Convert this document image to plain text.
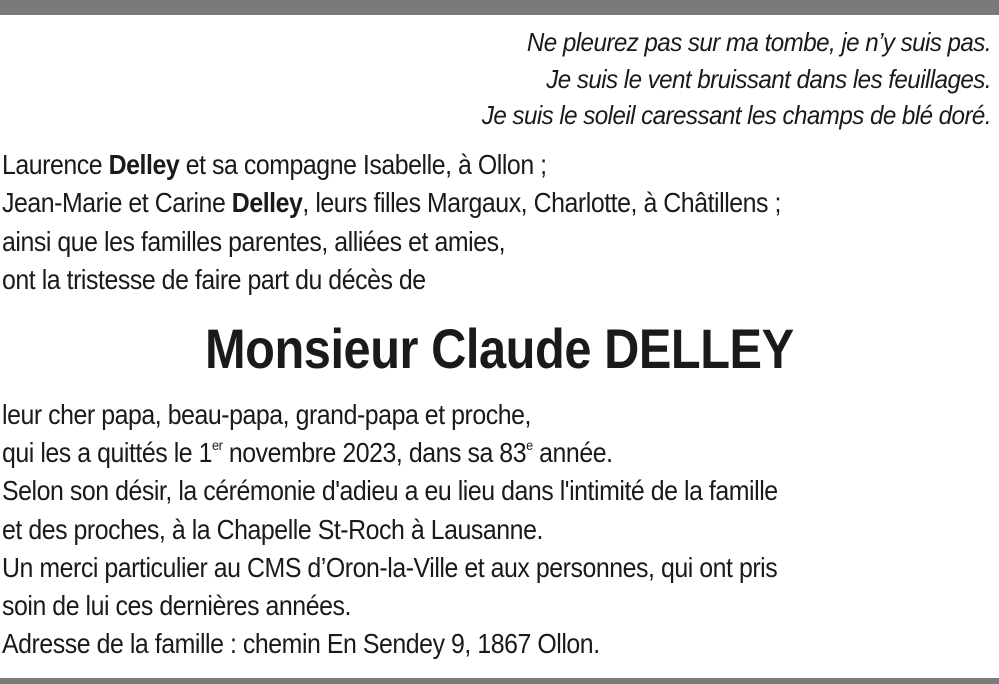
Ne pleurez pas sur ma tombe, je n’y suis pas.
Je suis le vent bruissant dans les feuillages.
Je suis le soleil caressant les champs de blé doré.
Laurence Delley et sa compagne Isabelle, à Ollon ;
Jean-Marie et Carine Delley, leurs filles Margaux, Charlotte, à Châtillens ;
ainsi que les familles parentes, alliées et amies,
ont la tristesse de faire part du décès de
Monsieur Claude DELLEY
leur cher papa, beau-papa, grand-papa et proche,
qui les a quittés le 1er novembre 2023, dans sa 83e année.
Selon son désir, la cérémonie d'adieu a eu lieu dans l'intimité de la famille
et des proches, à la Chapelle St-Roch à Lausanne.
Un merci particulier au CMS d’Oron-la-Ville et aux personnes, qui ont pris
soin de lui ces dernières années.
Adresse de la famille : chemin En Sendey 9, 1867 Ollon.
